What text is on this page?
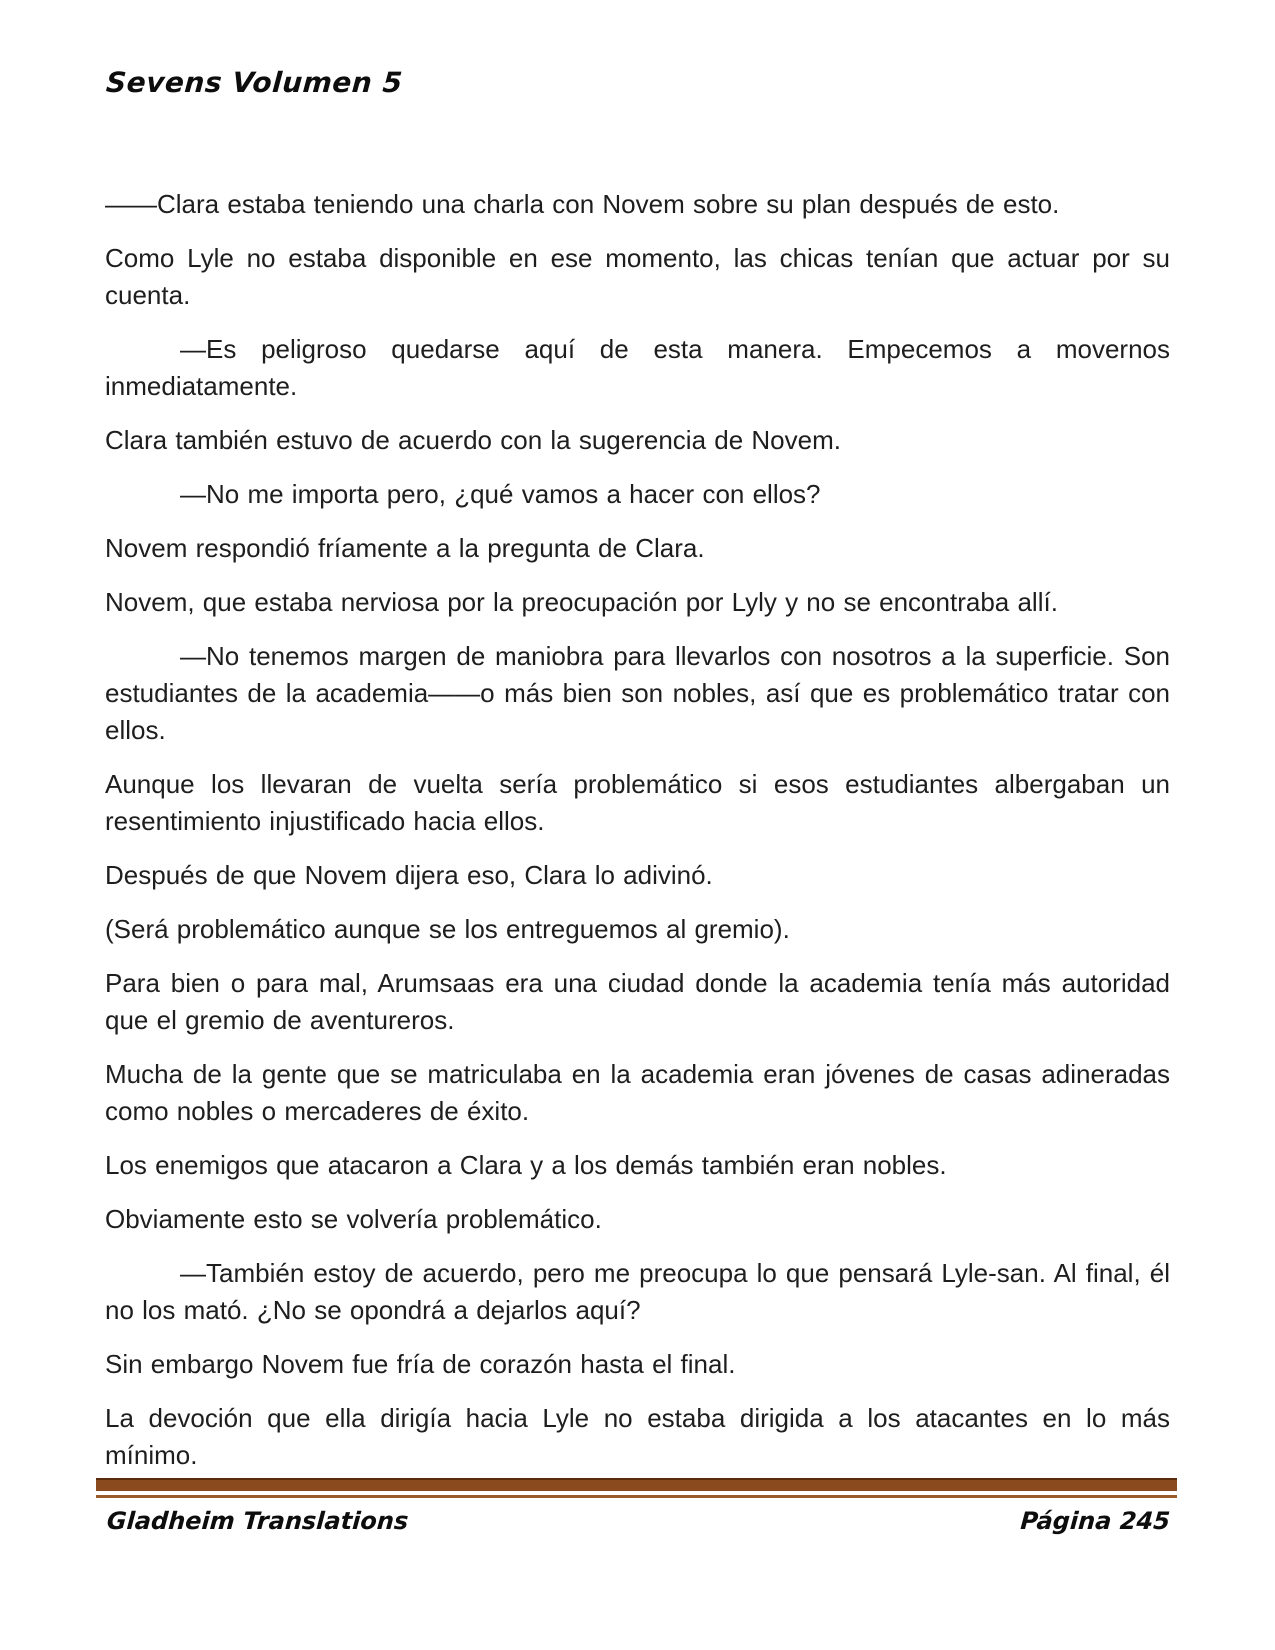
Sevens Volumen 5

——Clara estaba teniendo una charla con Novem sobre su plan después de esto.

Como Lyle no estaba disponible en ese momento, las chicas tenían que actuar por su cuenta.

—Es peligroso quedarse aquí de esta manera. Empecemos a movernos inmediatamente.

Clara también estuvo de acuerdo con la sugerencia de Novem.

—No me importa pero, ¿qué vamos a hacer con ellos?

Novem respondió fríamente a la pregunta de Clara.

Novem, que estaba nerviosa por la preocupación por Lyly y no se encontraba allí.

—No tenemos margen de maniobra para llevarlos con nosotros a la superficie. Son estudiantes de la academia——o más bien son nobles, así que es problemático tratar con ellos.

Aunque los llevaran de vuelta sería problemático si esos estudiantes albergaban un resentimiento injustificado hacia ellos.

Después de que Novem dijera eso, Clara lo adivinó.

(Será problemático aunque se los entreguemos al gremio).

Para bien o para mal, Arumsaas era una ciudad donde la academia tenía más autoridad que el gremio de aventureros.

Mucha de la gente que se matriculaba en la academia eran jóvenes de casas adineradas como nobles o mercaderes de éxito.

Los enemigos que atacaron a Clara y a los demás también eran nobles.

Obviamente esto se volvería problemático.

—También estoy de acuerdo, pero me preocupa lo que pensará Lyle-san. Al final, él no los mató. ¿No se opondrá a dejarlos aquí?

Sin embargo Novem fue fría de corazón hasta el final.

La devoción que ella dirigía hacia Lyle no estaba dirigida a los atacantes en lo más mínimo.

Gladheim Translations	Página 245
